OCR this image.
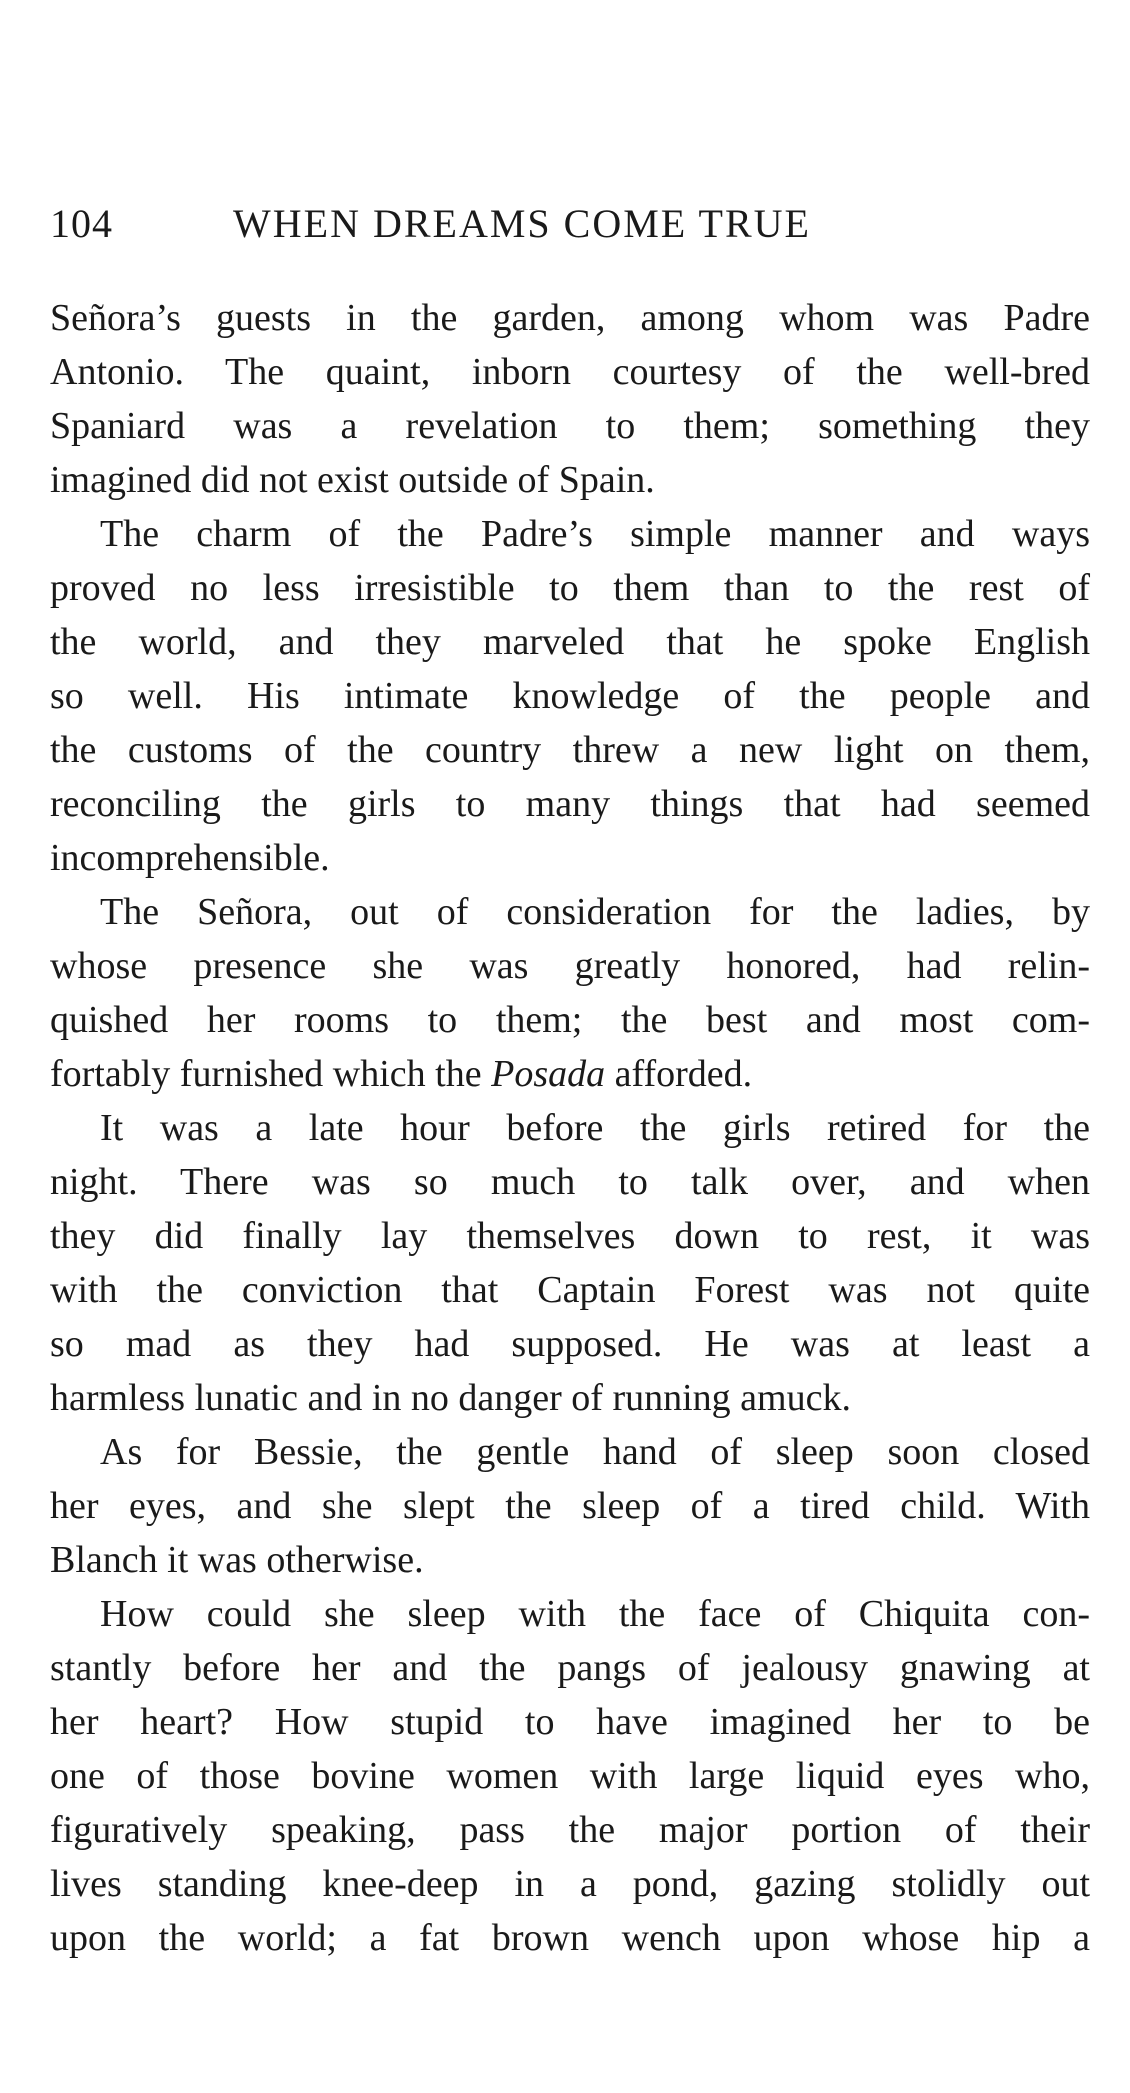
104	WHEN DREAMS COME TRUE
Señora’s guests in the garden, among whom was Padre
Antonio. The quaint, inborn courtesy of the well-bred
Spaniard was a revelation to them; something they
imagined did not exist outside of Spain.
The charm of the Padre’s simple manner and ways
proved no less irresistible to them than to the rest of
the world, and they marveled that he spoke English
so well. His intimate knowledge of the people and
the customs of the country threw a new light on them,
reconciling the girls to many things that had seemed
incomprehensible.
The Señora, out of consideration for the ladies, by
whose presence she was greatly honored, had relin-
quished her rooms to them; the best and most com-
fortably furnished which the Posada afforded.
It was a late hour before the girls retired for the
night. There was so much to talk over, and when
they did finally lay themselves down to rest, it was
with the conviction that Captain Forest was not quite
so mad as they had supposed. He was at least a
harmless lunatic and in no danger of running amuck.
As for Bessie, the gentle hand of sleep soon closed
her eyes, and she slept the sleep of a tired child. With
Blanch it was otherwise.
How could she sleep with the face of Chiquita con-
stantly before her and the pangs of jealousy gnawing at
her heart? How stupid to have imagined her to be
one of those bovine women with large liquid eyes who,
figuratively speaking, pass the major portion of their
lives standing knee-deep in a pond, gazing stolidly out
upon the world; a fat brown wench upon whose hip a
